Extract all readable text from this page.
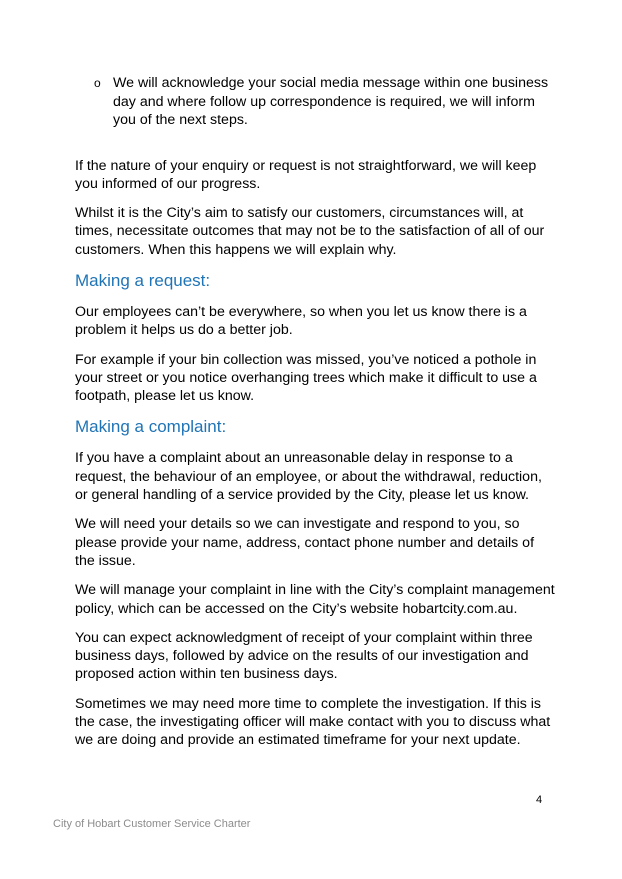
o We will acknowledge your social media message within one business day and where follow up correspondence is required, we will inform you of the next steps.

If the nature of your enquiry or request is not straightforward, we will keep you informed of our progress.

Whilst it is the City’s aim to satisfy our customers, circumstances will, at times, necessitate outcomes that may not be to the satisfaction of all of our customers. When this happens we will explain why.

Making a request:

Our employees can’t be everywhere, so when you let us know there is a problem it helps us do a better job.

For example if your bin collection was missed, you’ve noticed a pothole in your street or you notice overhanging trees which make it difficult to use a footpath, please let us know.

Making a complaint:

If you have a complaint about an unreasonable delay in response to a request, the behaviour of an employee, or about the withdrawal, reduction, or general handling of a service provided by the City, please let us know.

We will need your details so we can investigate and respond to you, so please provide your name, address, contact phone number and details of the issue.

We will manage your complaint in line with the City’s complaint management policy, which can be accessed on the City’s website hobartcity.com.au.

You can expect acknowledgment of receipt of your complaint within three business days, followed by advice on the results of our investigation and proposed action within ten business days.

Sometimes we may need more time to complete the investigation. If this is the case, the investigating officer will make contact with you to discuss what we are doing and provide an estimated timeframe for your next update.

4
City of Hobart Customer Service Charter
